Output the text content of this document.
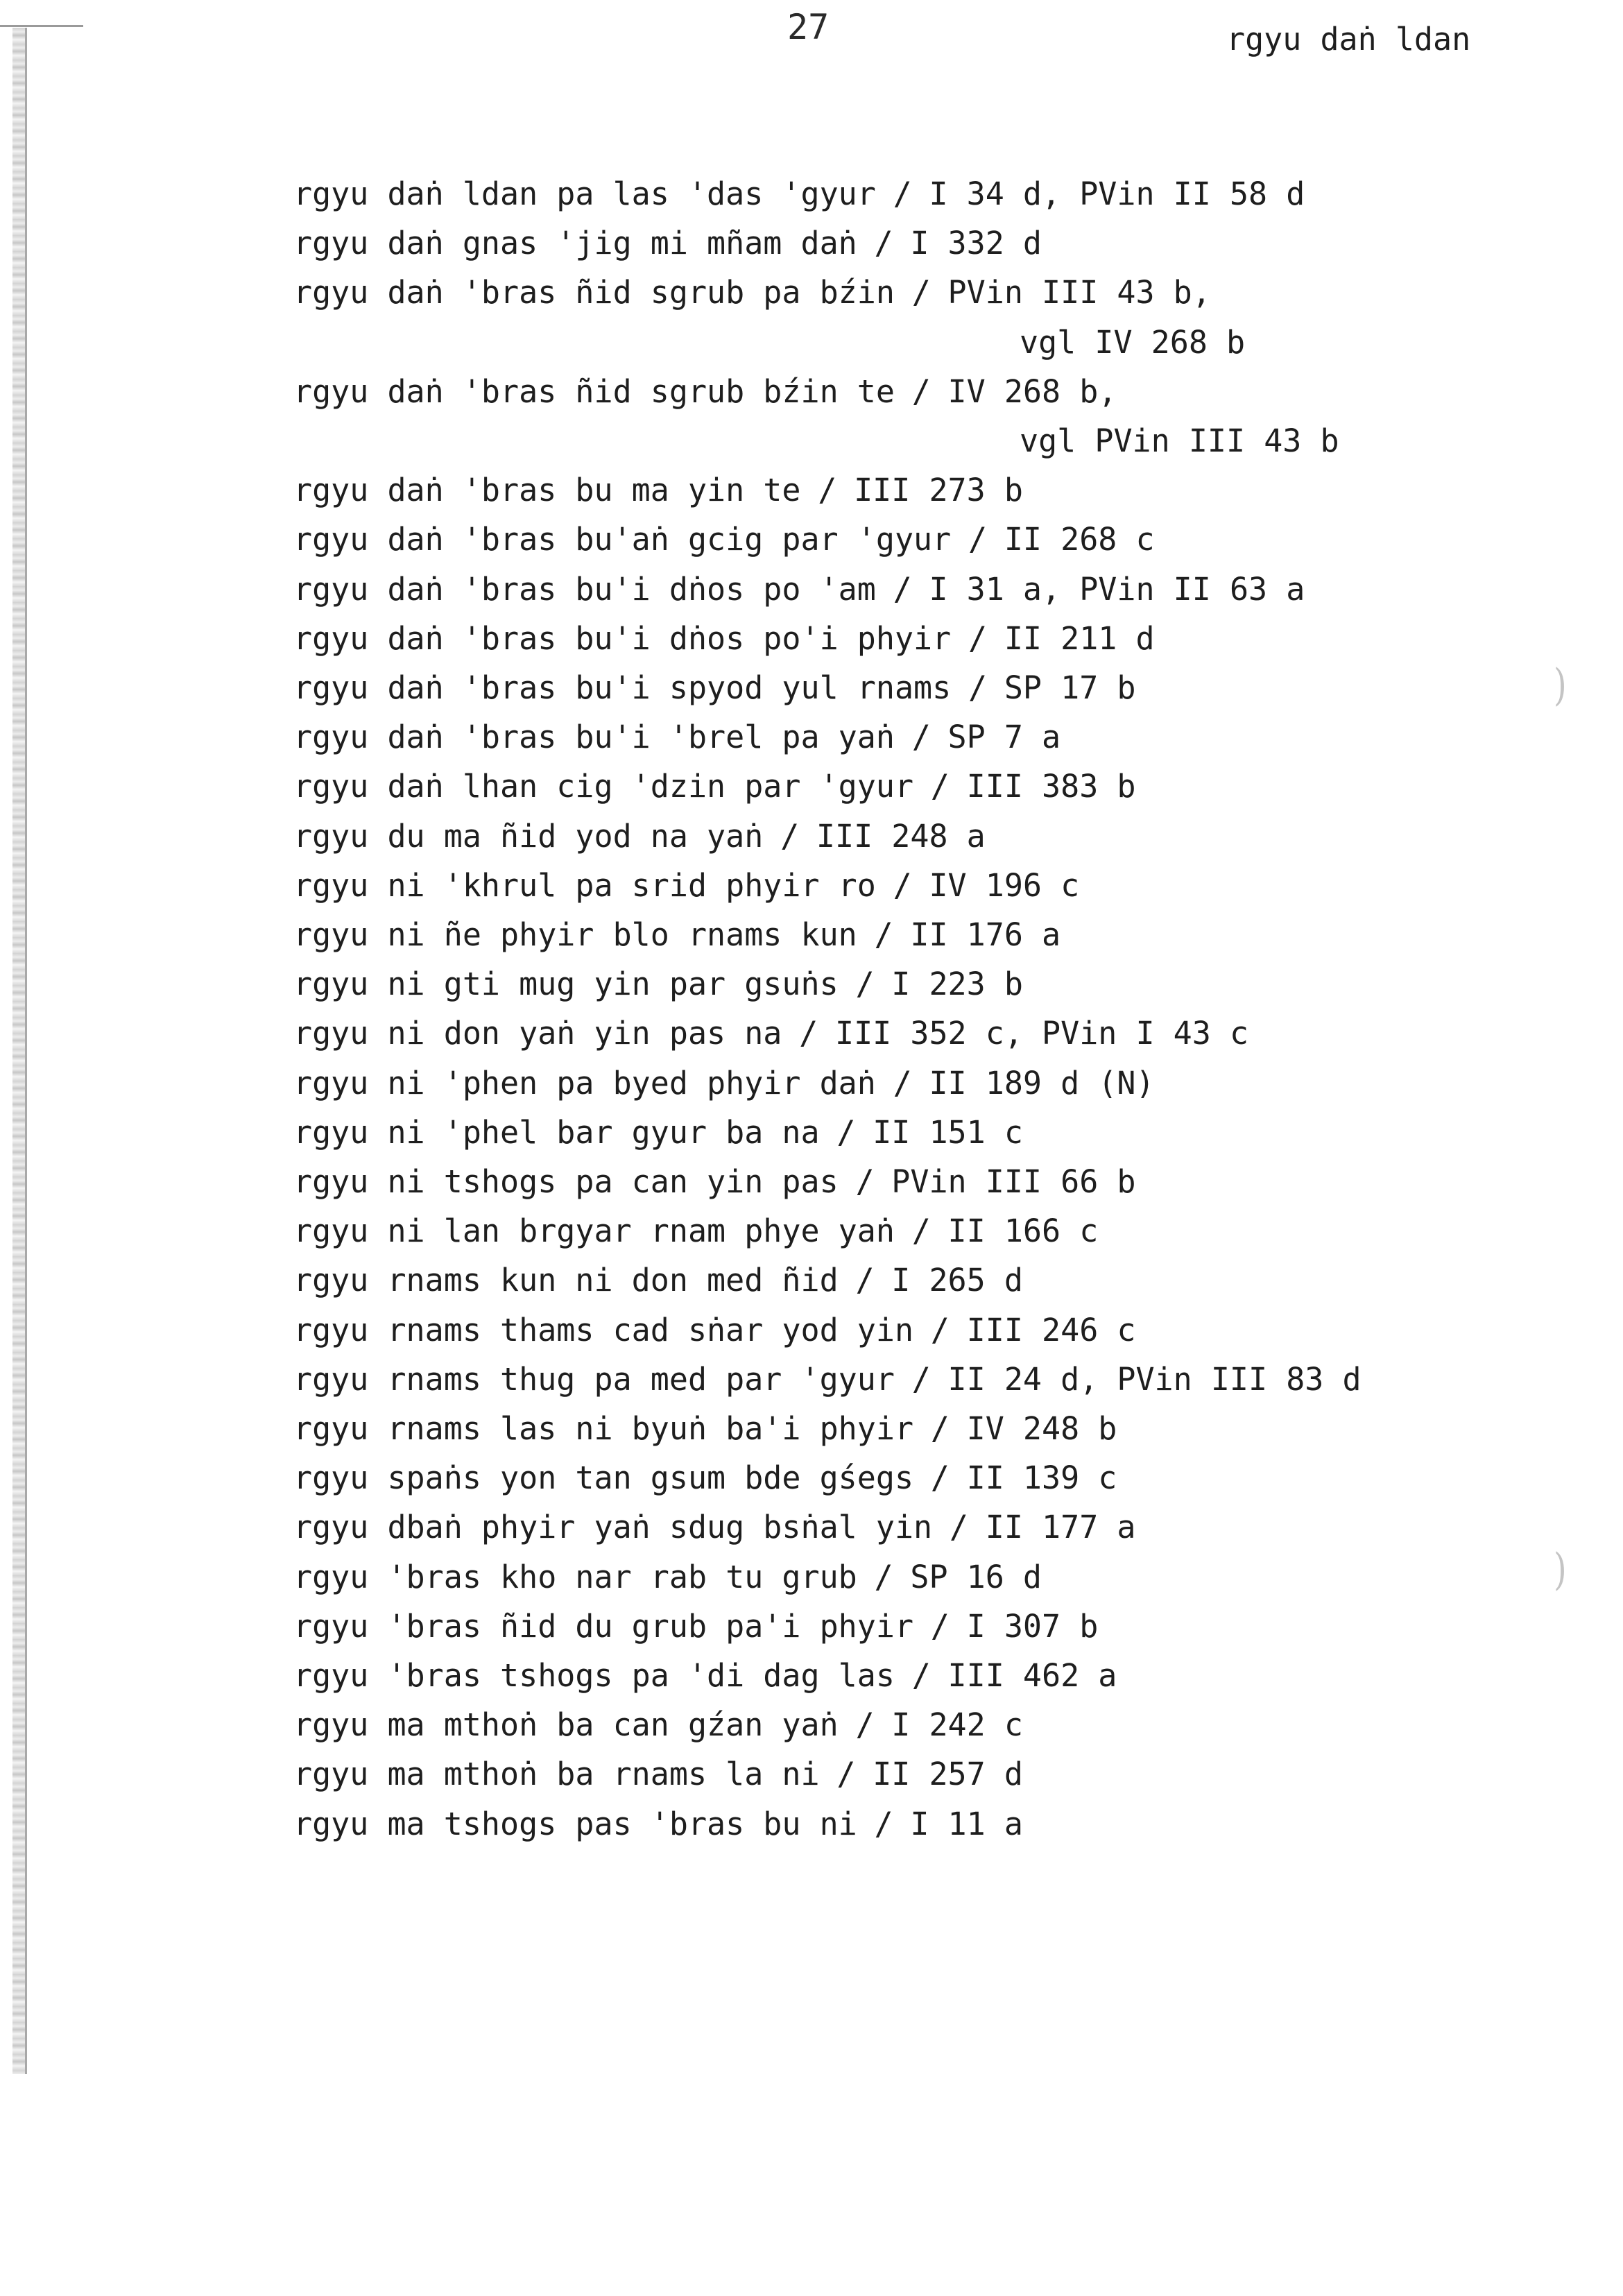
27	rgyu daṅ ldan
)
)
rgyu daṅ ldan pa las 'das 'gyur / I 34 d, PVin II 58 d
rgyu daṅ gnas 'jig mi mñam daṅ / I 332 d
rgyu daṅ 'bras ñid sgrub pa bźin / PVin III 43 b,
vgl IV 268 b
rgyu daṅ 'bras ñid sgrub bźin te / IV 268 b,
vgl PVin III 43 b
rgyu daṅ 'bras bu ma yin te / III 273 b
rgyu daṅ 'bras bu'aṅ gcig par 'gyur / II 268 c
rgyu daṅ 'bras bu'i dṅos po 'am / I 31 a, PVin II 63 a
rgyu daṅ 'bras bu'i dṅos po'i phyir / II 211 d
rgyu daṅ 'bras bu'i spyod yul rnams / SP 17 b
rgyu daṅ 'bras bu'i 'brel pa yaṅ / SP 7 a
rgyu daṅ lhan cig 'dzin par 'gyur / III 383 b
rgyu du ma ñid yod na yaṅ / III 248 a
rgyu ni 'khrul pa srid phyir ro / IV 196 c
rgyu ni ñe phyir blo rnams kun / II 176 a
rgyu ni gti mug yin par gsuṅs / I 223 b
rgyu ni don yaṅ yin pas na / III 352 c, PVin I 43 c
rgyu ni 'phen pa byed phyir daṅ / II 189 d (N)
rgyu ni 'phel bar gyur ba na / II 151 c
rgyu ni tshogs pa can yin pas / PVin III 66 b
rgyu ni lan brgyar rnam phye yaṅ / II 166 c
rgyu rnams kun ni don med ñid / I 265 d
rgyu rnams thams cad sṅar yod yin / III 246 c
rgyu rnams thug pa med par 'gyur / II 24 d, PVin III 83 d
rgyu rnams las ni byuṅ ba'i phyir / IV 248 b
rgyu spaṅs yon tan gsum bde gśegs / II 139 c
rgyu dbaṅ phyir yaṅ sdug bsṅal yin / II 177 a
rgyu 'bras kho nar rab tu grub / SP 16 d
rgyu 'bras ñid du grub pa'i phyir / I 307 b
rgyu 'bras tshogs pa 'di dag las / III 462 a
rgyu ma mthoṅ ba can gźan yaṅ / I 242 c
rgyu ma mthoṅ ba rnams la ni / II 257 d
rgyu ma tshogs pas 'bras bu ni / I 11 a
